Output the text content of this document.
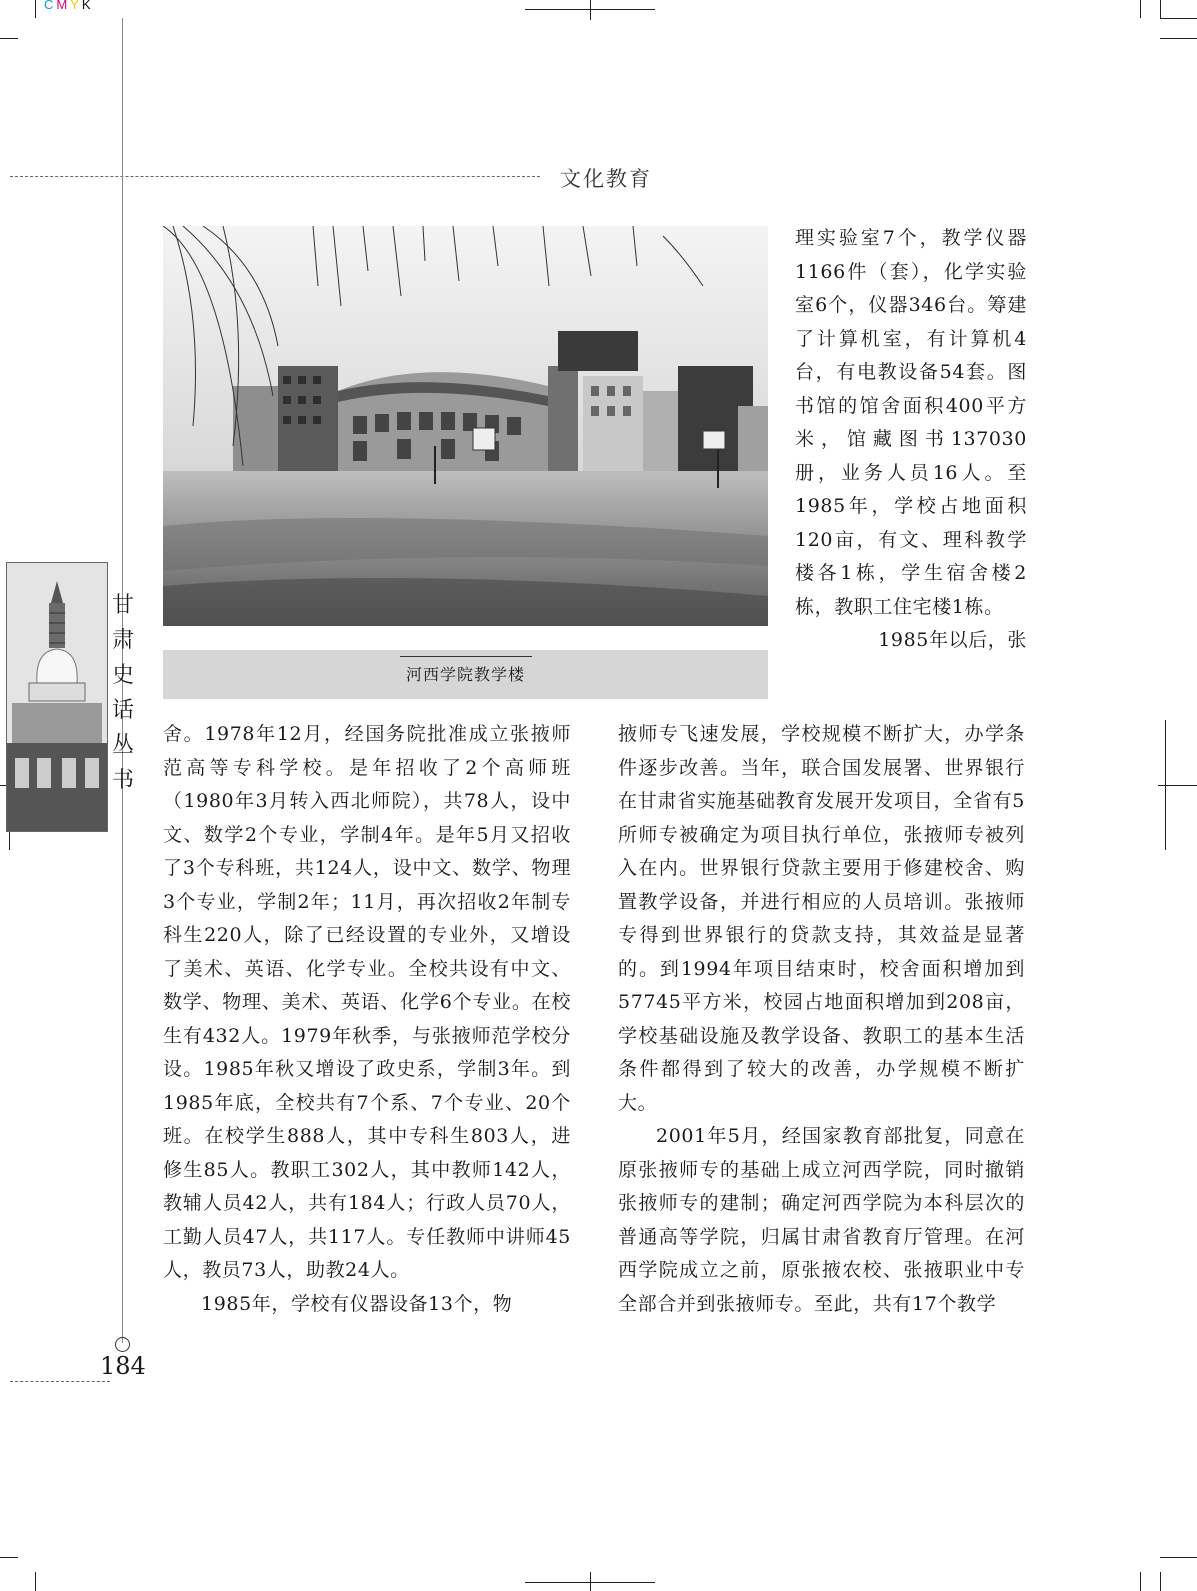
C M Y K
文化教育
河西学院教学楼

理实验室7个，教学仪器1166件（套），化学实验室6个，仪器346台。筹建了计算机室，有计算机4台，有电教设备54套。图书馆的馆舍面积400平方米，馆藏图书137030册，业务人员16人。至1985年，学校占地面积120亩，有文、理科教学楼各1栋，学生宿舍楼2栋，教职工住宅楼1栋。

1985年以后，张

舍。1978年12月，经国务院批准成立张掖师范高等专科学校。是年招收了2个高师班（1980年3月转入西北师院），共78人，设中文、数学2个专业，学制4年。是年5月又招收了3个专科班，共124人，设中文、数学、物理3个专业，学制2年；11月，再次招收2年制专科生220人，除了已经设置的专业外，又增设了美术、英语、化学专业。全校共设有中文、数学、物理、美术、英语、化学6个专业。在校生有432人。1979年秋季，与张掖师范学校分设。1985年秋又增设了政史系，学制3年。到1985年底，全校共有7个系、7个专业、20个班。在校学生888人，其中专科生803人，进修生85人。教职工302人，其中教师142人，教辅人员42人，共有184人；行政人员70人，工勤人员47人，共117人。专任教师中讲师45人，教员73人，助教24人。

1985年，学校有仪器设备13个，物

掖师专飞速发展，学校规模不断扩大，办学条件逐步改善。当年，联合国发展署、世界银行在甘肃省实施基础教育发展开发项目，全省有5所师专被确定为项目执行单位，张掖师专被列入在内。世界银行贷款主要用于修建校舍、购置教学设备，并进行相应的人员培训。张掖师专得到世界银行的贷款支持，其效益是显著的。到1994年项目结束时，校舍面积增加到57745平方米，校园占地面积增加到208亩，学校基础设施及教学设备、教职工的基本生活条件都得到了较大的改善，办学规模不断扩大。

2001年5月，经国家教育部批复，同意在原张掖师专的基础上成立河西学院，同时撤销张掖师专的建制；确定河西学院为本科层次的普通高等学院，归属甘肃省教育厅管理。在河西学院成立之前，原张掖农校、张掖职业中专全部合并到张掖师专。至此，共有17个教学

甘
肃
史
话
丛
书
184
